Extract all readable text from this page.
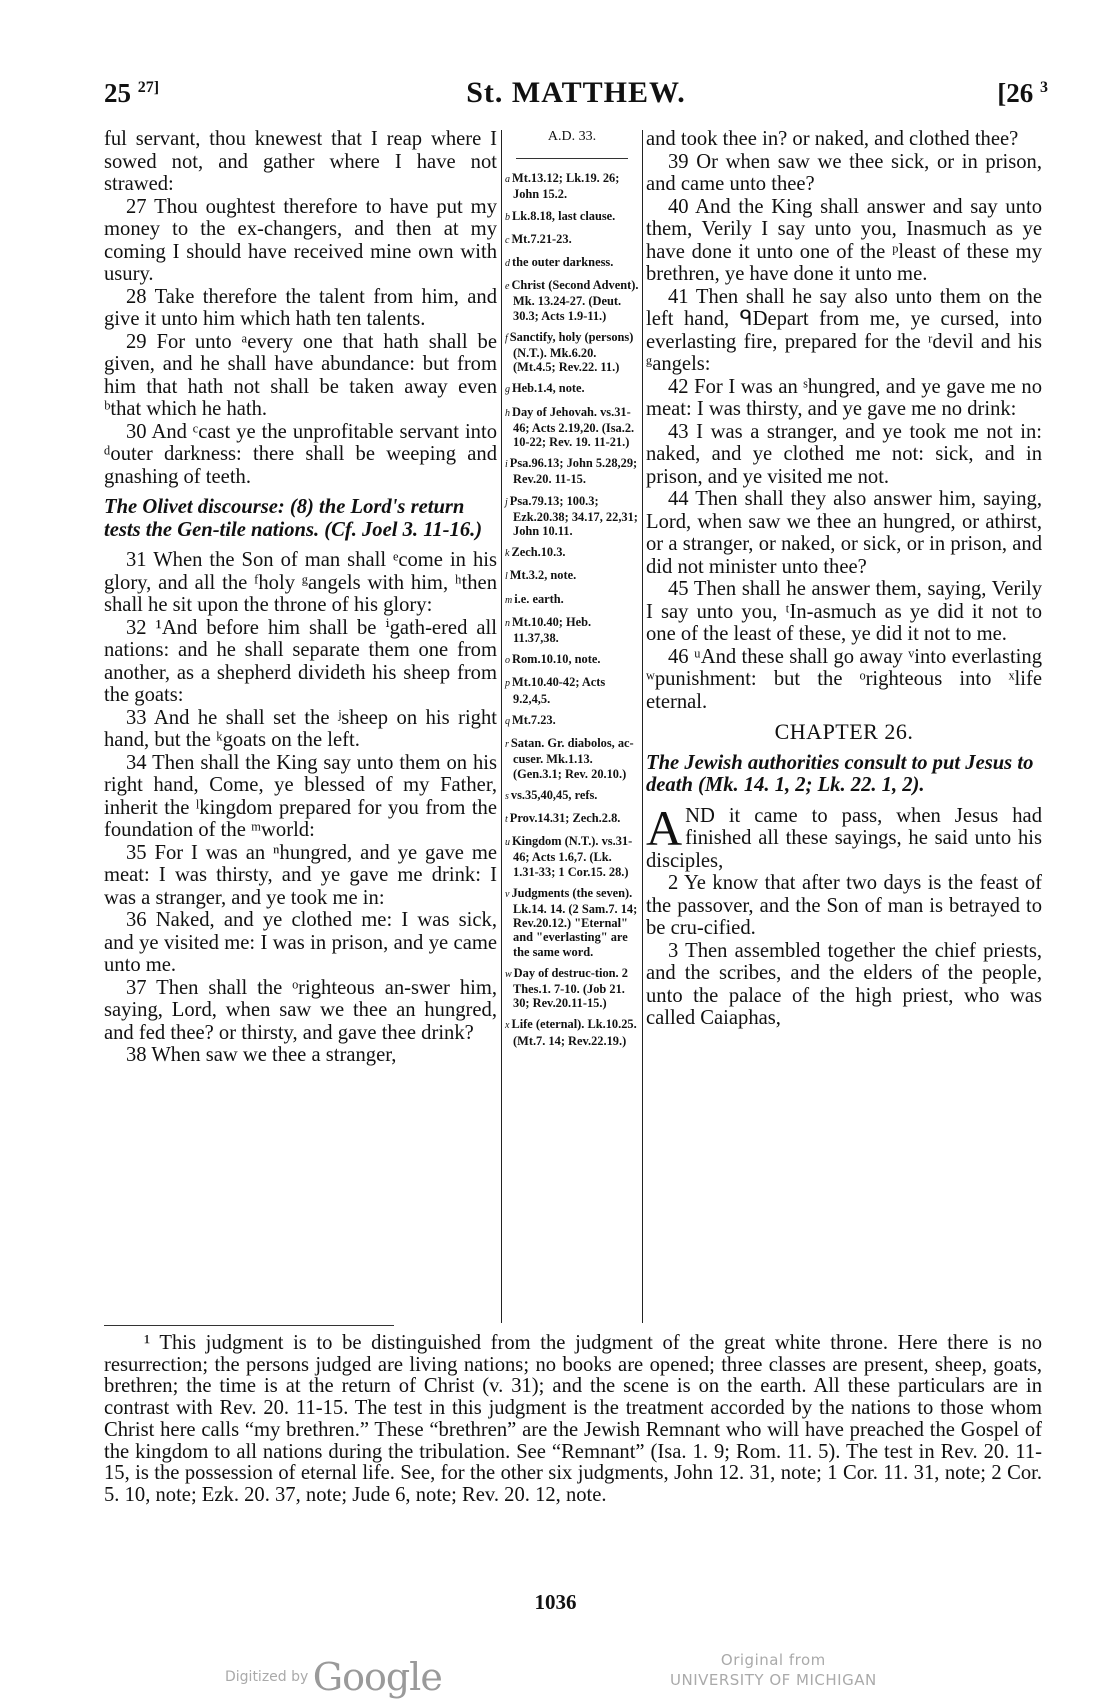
25 $^{27]}$	St. MATTHEW.	[26 $^3$

ful servant, thou knewest that I reap where I sowed not, and gather where I have not strawed:

27 Thou oughtest therefore to have put my money to the ex-changers, and then at my coming I should have received mine own with usury.

28 Take therefore the talent from him, and give it unto him which hath ten talents.

29 For unto ᵃevery one that hath shall be given, and he shall have abundance: but from him that hath not shall be taken away even ᵇthat which he hath.

30 And ᶜcast ye the unprofitable servant into ᵈouter darkness: there shall be weeping and gnashing of teeth.

The Olivet discourse: (8) the Lord's return tests the Gen-tile nations. (Cf. Joel 3. 11-16.)

31 When the Son of man shall ᵉcome in his glory, and all the ᶠholy ᵍangels with him, ʰthen shall he sit upon the throne of his glory:

32 ¹And before him shall be ⁱgath-ered all nations: and he shall separate them one from another, as a shepherd divideth his sheep from the goats:

33 And he shall set the ʲsheep on his right hand, but the ᵏgoats on the left.

34 Then shall the King say unto them on his right hand, Come, ye blessed of my Father, inherit the ˡkingdom prepared for you from the foundation of the ᵐworld:

35 For I was an ⁿhungred, and ye gave me meat: I was thirsty, and ye gave me drink: I was a stranger, and ye took me in:

36 Naked, and ye clothed me: I was sick, and ye visited me: I was in prison, and ye came unto me.

37 Then shall the ᵒrighteous an-swer him, saying, Lord, when saw we thee an hungred, and fed thee? or thirsty, and gave thee drink?

38 When saw we thee a stranger,

A.D. 33.
a Mt.13.12; Lk.19. 26; John 15.2.
b Lk.8.18, last clause.
c Mt.7.21-23.
d the outer darkness.
e Christ (Second Advent). Mk. 13.24-27. (Deut. 30.3; Acts 1.9-11.)
f Sanctify, holy (persons) (N.T.). Mk.6.20. (Mt.4.5; Rev.22. 11.)
g Heb.1.4, note.
h Day of Jehovah. vs.31-46; Acts 2.19,20. (Isa.2. 10-22; Rev. 19. 11-21.)
i Psa.96.13; John 5.28,29; Rev.20. 11-15.
j Psa.79.13; 100.3; Ezk.20.38; 34.17, 22,31; John 10.11.
k Zech.10.3.
l Mt.3.2, note.
m i.e. earth.
n Mt.10.40; Heb. 11.37,38.
o Rom.10.10, note.
p Mt.10.40-42; Acts 9.2,4,5.
q Mt.7.23.
r Satan. Gr. diabolos, ac-cuser. Mk.1.13. (Gen.3.1; Rev. 20.10.)
s vs.35,40,45, refs.
t Prov.14.31; Zech.2.8.
u Kingdom (N.T.). vs.31-46; Acts 1.6,7. (Lk. 1.31-33; 1 Cor.15. 28.)
v Judgments (the seven). Lk.14. 14. (2 Sam.7. 14; Rev.20.12.) "Eternal" and "everlasting" are the same word.
w Day of destruc-tion. 2 Thes.1. 7-10. (Job 21. 30; Rev.20.11-15.)
x Life (eternal). Lk.10.25. (Mt.7. 14; Rev.22.19.)

and took thee in? or naked, and clothed thee?

39 Or when saw we thee sick, or in prison, and came unto thee?

40 And the King shall answer and say unto them, Verily I say unto you, Inasmuch as ye have done it unto one of the ᵖleast of these my brethren, ye have done it unto me.

41 Then shall he say also unto them on the left hand, ᑫDepart from me, ye cursed, into everlasting fire, prepared for the ʳdevil and his ᵍangels:

42 For I was an ˢhungred, and ye gave me no meat: I was thirsty, and ye gave me no drink:

43 I was a stranger, and ye took me not in: naked, and ye clothed me not: sick, and in prison, and ye visited me not.

44 Then shall they also answer him, saying, Lord, when saw we thee an hungred, or athirst, or a stranger, or naked, or sick, or in prison, and did not minister unto thee?

45 Then shall he answer them, saying, Verily I say unto you, ᵗIn-asmuch as ye did it not to one of the least of these, ye did it not to me.

46 ᵘAnd these shall go away ᵛinto everlasting ʷpunishment: but the ᵒrighteous into ˣlife eternal.

CHAPTER 26.

The Jewish authorities consult to put Jesus to death (Mk. 14. 1, 2; Lk. 22. 1, 2).

AND it came to pass, when Jesus had finished all these sayings, he said unto his disciples,

2 Ye know that after two days is the feast of the passover, and the Son of man is betrayed to be cru-cified.

3 Then assembled together the chief priests, and the scribes, and the elders of the people, unto the palace of the high priest, who was called Caiaphas,

¹ This judgment is to be distinguished from the judgment of the great white throne. Here there is no resurrection; the persons judged are living nations; no books are opened; three classes are present, sheep, goats, brethren; the time is at the return of Christ (v. 31); and the scene is on the earth. All these particulars are in contrast with Rev. 20. 11-15. The test in this judgment is the treatment accorded by the nations to those whom Christ here calls “my brethren.” These “brethren” are the Jewish Remnant who will have preached the Gospel of the kingdom to all nations during the tribulation. See “Remnant” (Isa. 1. 9; Rom. 11. 5). The test in Rev. 20. 11-15, is the possession of eternal life. See, for the other six judgments, John 12. 31, note; 1 Cor. 11. 31, note; 2 Cor. 5. 10, note; Ezk. 20. 37, note; Jude 6, note; Rev. 20. 12, note.

1036
Digitized by Google	Original from
UNIVERSITY OF MICHIGAN
